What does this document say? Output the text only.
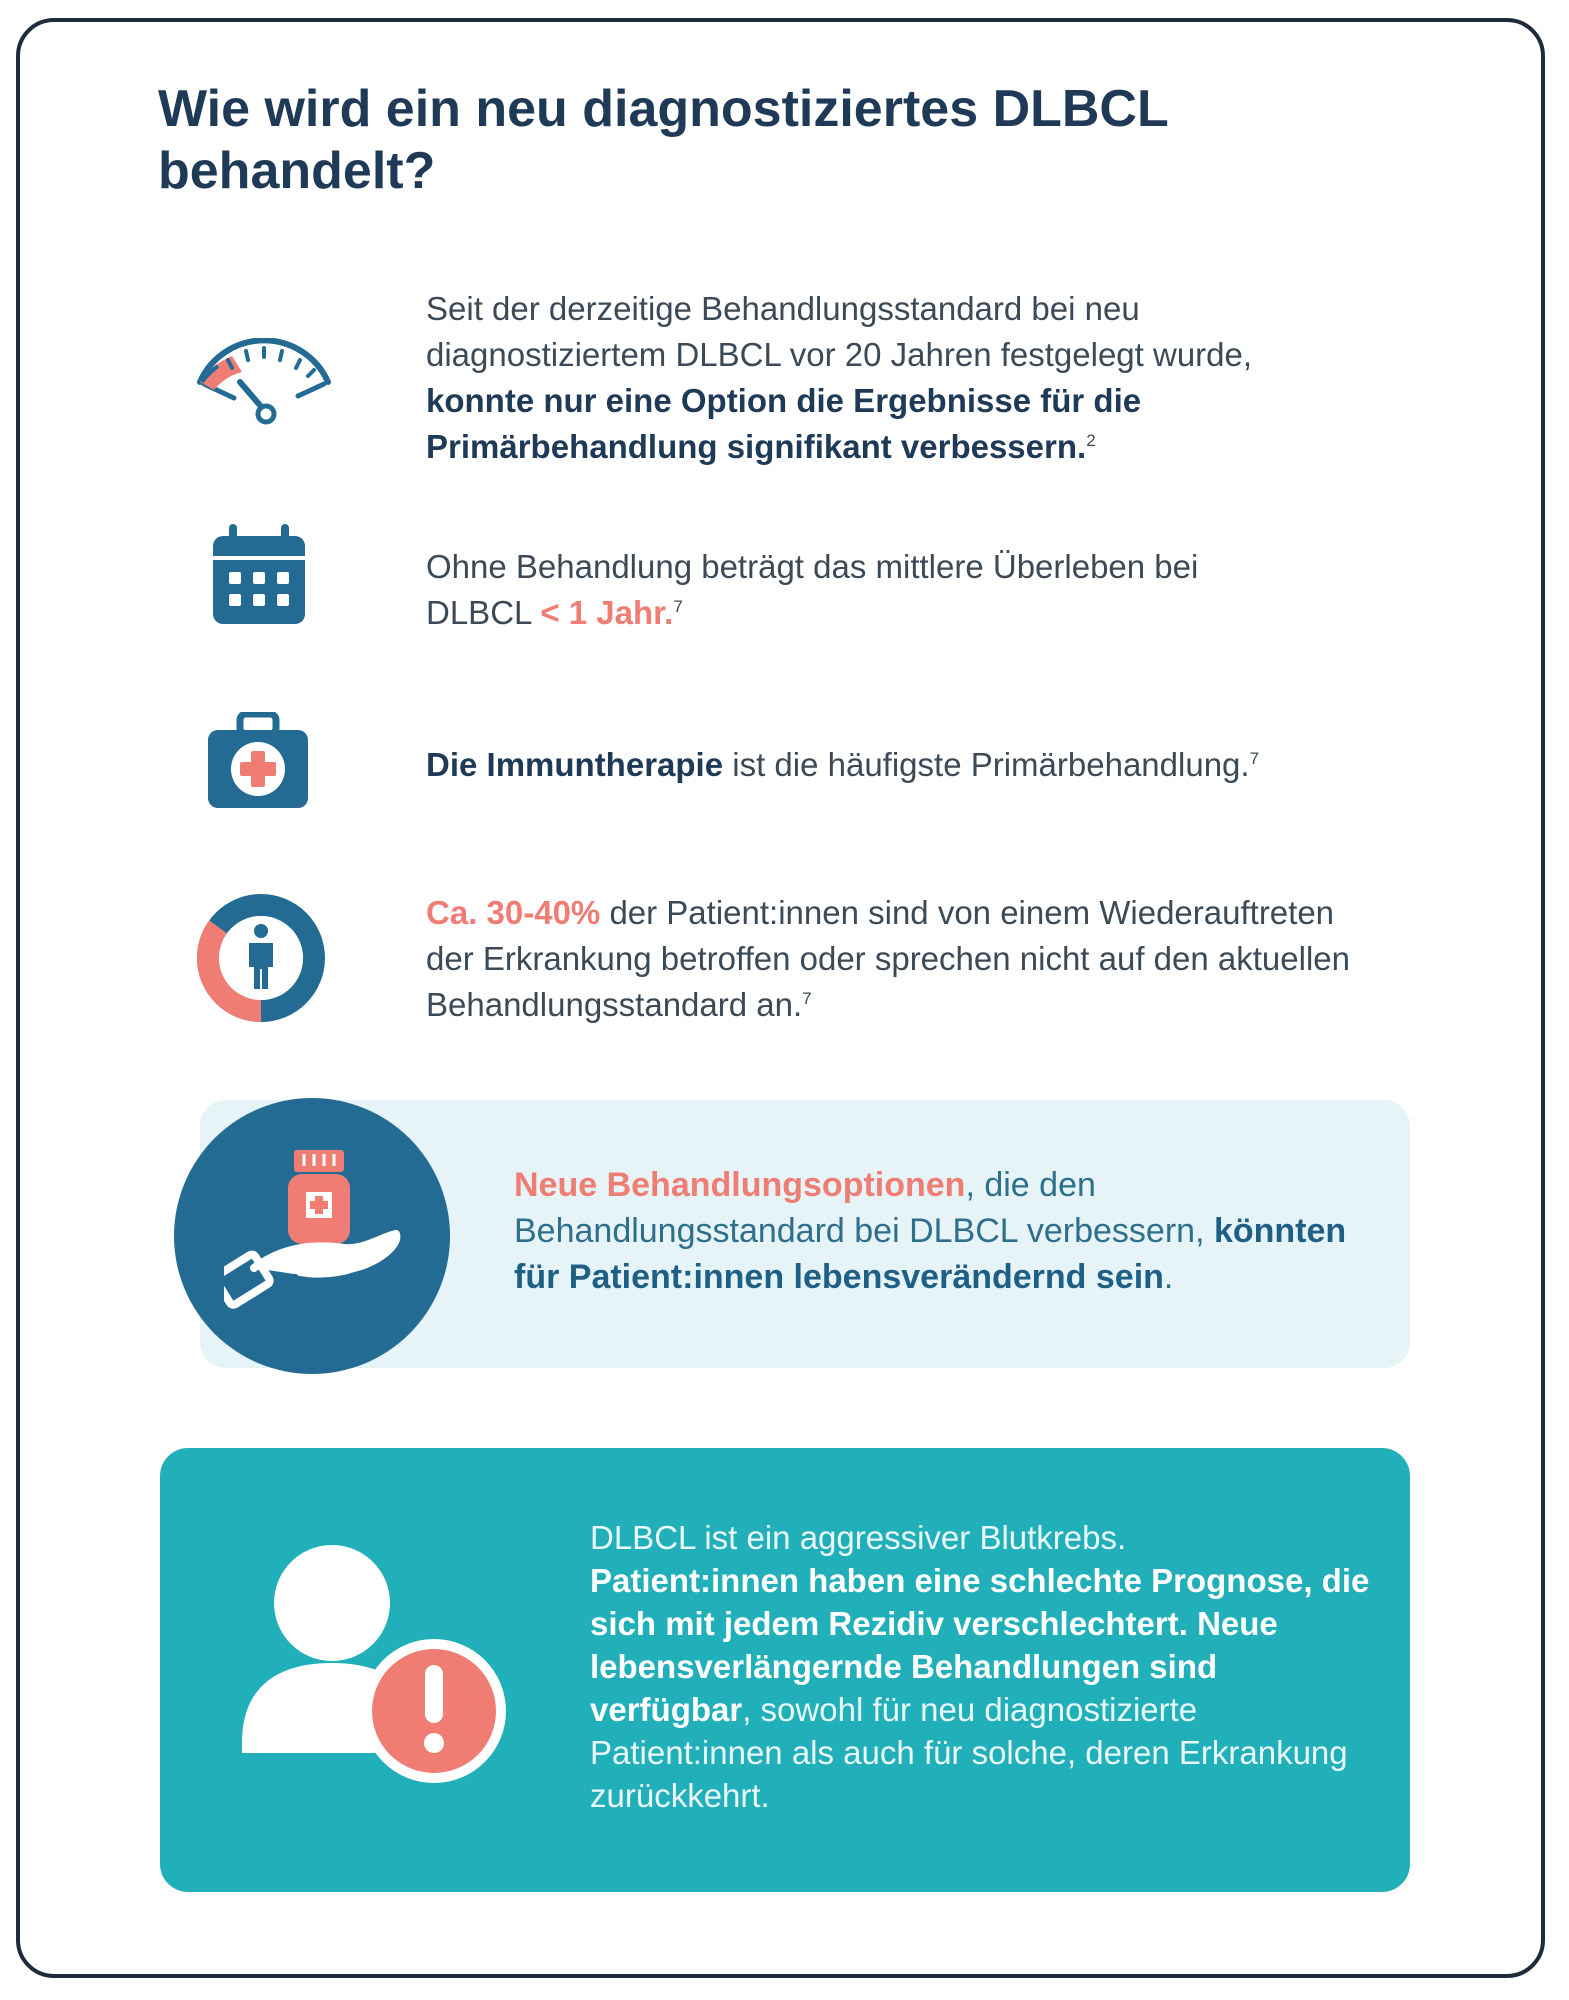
Wie wird ein neu diagnostiziertes DLBCL behandelt?

Seit der derzeitige Behandlungsstandard bei neu diagnostiziertem DLBCL vor 20 Jahren festgelegt wurde, konnte nur eine Option die Ergebnisse für die Primärbehandlung signifikant verbessern.$^2$

Ohne Behandlung beträgt das mittlere Überleben bei DLBCL < 1 Jahr.$^7$

Die Immuntherapie ist die häufigste Primärbehandlung.$^7$

Ca. 30-40% der Patient:innen sind von einem Wiederauftreten der Erkrankung betroffen oder sprechen nicht auf den aktuellen Behandlungsstandard an.$^7$

Neue Behandlungsoptionen, die den Behandlungsstandard bei DLBCL verbessern, könnten für Patient:innen lebensverändernd sein.

DLBCL ist ein aggressiver Blutkrebs.
Patient:innen haben eine schlechte Prognose, die sich mit jedem Rezidiv verschlechtert. Neue lebensverlängernde Behandlungen sind verfügbar, sowohl für neu diagnostizierte Patient:innen als auch für solche, deren Erkrankung zurückkehrt.
